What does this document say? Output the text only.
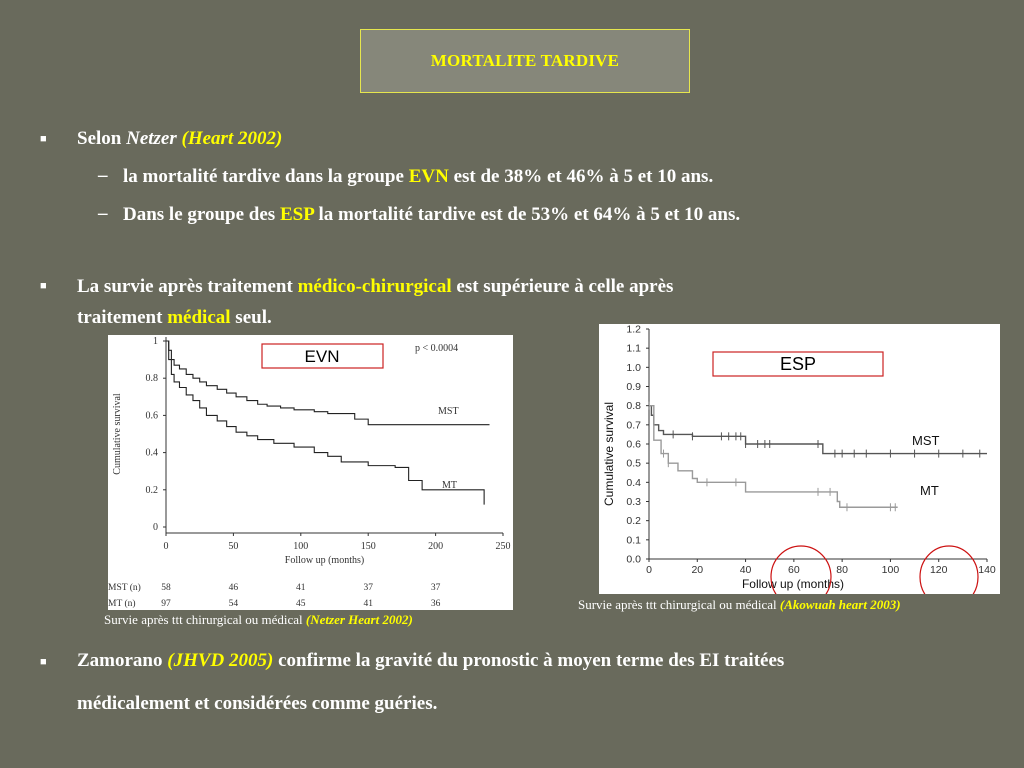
MORTALITE TARDIVE
■ Selon Netzer (Heart 2002)
– la mortalité tardive dans la groupe EVN est de 38% et 46% à 5 et 10 ans.
– Dans le groupe des ESP la mortalité tardive est de 53% et 64% à 5 et 10 ans.
■ La survie après traitement médico-chirurgical est supérieure à celle après
traitement médical seul.
0
0.2
0.4
0.6
0.8
1
0	50	100	150	200	250
Follow up (months)
Cumulative survival	MST
MT
p < 0.0004
EVN
MST (n) 58	46	41	37	37
MT (n)	97	54	45	41	36
Survie après ttt chirurgical ou médical (Netzer Heart 2002)
0.0
0.1
0.2
0.3
0.4
0.5
0.6
0.7
0.8
0.9
1.0
1.1
1.2
0	20	40	60	80	100	120	140
Follow up (months)
Cumulative survival	MST
MT
ESP
Survie après ttt chirurgical ou médical (Akowuah heart 2003)
■ Zamorano (JHVD 2005) confirme la gravité du pronostic à moyen terme des EI traitées
médicalement et considérées comme guéries.
